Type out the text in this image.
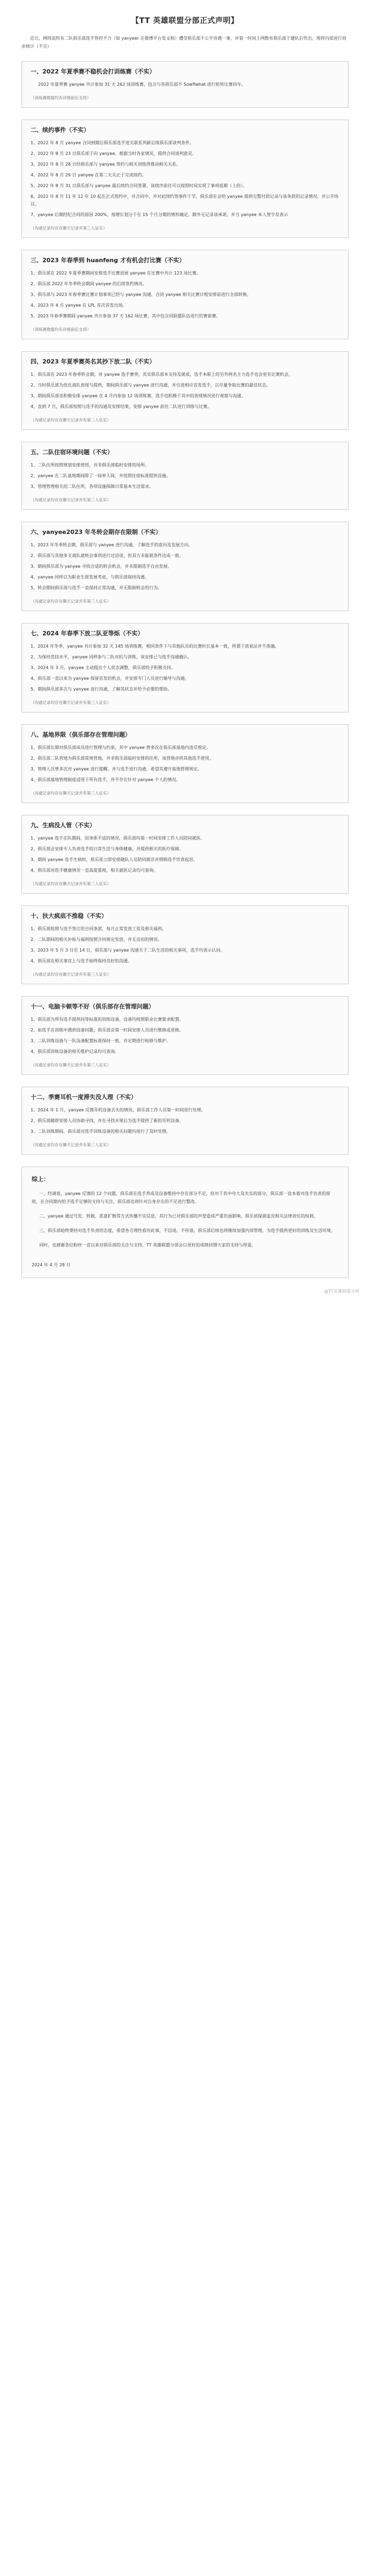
【TT 英雄联盟分部正式声明】
近日，网络流传有二队俱乐部选手管控不力（如 yanyeer 在微博平台发文称）遭受俱乐部不公平待遇一事，并第一时间上网散布俱乐部于建队后作出，现将内部进行初步统计（不完）
一、2022 年夏季赛不稳机会打训练赛（不实）
2022 年夏季赛 yanyee 共计参加 31 天 262 场训练赛，包含与各俱乐部不 Sowflwhat 进行轮转比赛回车。
（训练赛数据均有详细前后支持）
二、续约事件（不实）
1、2022 年 8 月 yanyee 合同到期后俱乐部选手进关联系列新后续俱乐部谈判条件。
2、2022 年 8 月 23 日俱乐部于向 yanyee、根据当时各家情况，提供合同谈判意见。
3、2022 年 8 月 28 日经俱乐部与 yanyee 签约与相关训练营推动相关关系。
4、2022 年 8 月 29 日 yanyee 在第二天关正于完成续约。
5、2022 年 8 月 31 日俱乐部与 yanyee 最后续约合同签署，该续序前往可以按照时间实现了事项延期（上的）。
6、2022 年 8 月 11 年 12 年 10 起在正式签约中，并合同中，并对此续约签事件于节，俱乐部在会给 yanyee 提供完整付款记录与该条款的记录情况，并公开协议。
7、yanyee 后期经纪合同的原因 200%，按增长划分于在 15 个月分期的情形确定，额外无记录该承诺，并当 yanyee 本人签字及表示
（沟通记录均存在聊天记录并第三人证实）
三、2023 年春季到 huanfeng 才有机会打比赛（不实）
1、俱乐部在 2022 年夏季赛期间安排选手比赛进展 yanyee 在比赛中共计 123 场比赛。
2、俱乐部 2022 年冬季转会期间 yanyee 的后续签约情况。
3、俱乐部与 2023 年春季赛比赛计划事项已经与 yanyee 沟通，合同 yanyee 相关比赛日程安排前进行全部转换。
4、2023 年 4 月 yanyee 在 LPL 首次首发出场。
5、2023 年春季赛期间 yanyee 共计参加 37 天 162 场比赛，其中包含同联盟队伍进行的赛前赛。
（训练赛数据均有详细前后支持）
四、2023 年夏季赛英名其抄下放二队（不实）
1、俱乐部在 2023 年春季转会期，对 yanyee 选手赛季，其实俱乐部本支持及就成，选手本职上的另外两名主力选手也会更有比赛机会。
2、当时俱乐部为优化战队表现与提供，期间俱乐部与 yanyee 进行沟通，并引进相应首发选手，以尽量争取比赛的最佳状态。
3、期间俱乐部也积极安排 yanyee 在 4 月内参加 12 场训练赛，选手也积极于其中的表现情况进行观察与沟通。
4、直到 7 月，俱乐部按照与选手的沟通及安排结果，安排 yanyee 前往二队进行训练与比赛。
（沟通记录均存在聊天记录并有第三人证实）
五、二队住宿环境问题（不实）
1、二队住所按照规划安排使用，并非俱乐部临时安排的场所。
2、yanyee 在二队基地期间除了一间单人间，并按照住宿标准提供设施。
3、管理管理相关的二队住所，各项设施保障日常基本生活需求。
（沟通记录均存在聊天记录并有第三人证实）
六、yanyee2023 年冬转会期存在限制（不实）
1、2023 年冬季转会期，俱乐部与 yanyee 进行沟通，了解选手的意向及发展方向。
2、俱乐部与其他多支战队就转会事项进行过洽谈，但双方未能就条件达成一致。
3、期间俱乐部为 yanyee 寻找合适的转会机会，并未限制选手自由发展。
4、yanyee 同样以为职业生涯发展考虑，与俱乐部保持沟通。
5、转会期间俱乐部与选手一直保持正常沟通，并无限制转会的行为。
（沟通记录均存在聊天记录并有第三人证实）
七、2024 年春季下放二队亚等烁（不实）
1、2024 年冬季，yanyee 共计参加 32 天 145 场训练赛，相同条件下与其他队员的比赛时长基本一致，所谓下放说法并不准确。
2、为保持竞技水平，yanyee 同样参与二队对抗与训练，该安排已与选手沟通确认。
3、2024 年 3 月，yanyee 主动提出个人状态调整，俱乐部给予积极支持。
4、俱乐部一直以来为 yanyee 保留首发的机会，并安排专门人员进行辅导与沟通。
5、期间俱乐部多次与 yanyee 进行沟通，了解其状态并给予必要的帮助。
（沟通记录均存在聊天记录并有第三人证实）
八、基地界限（俱乐部存在管理问题）
1、俱乐部长期对俱乐部成员进行管理与约束，其中 yanyee 曾多次在俱乐部基地内违反规定。
2、俱乐部二队营地为俱乐部常规营地，并非俱乐部临时安排的住所，该营地亦供其他选手使用。
3、管理人员曾多次对 yanyee 进行提醒，并与选手进行沟通，希望其遵守基地管理规定。
4、俱乐部基地管理制度适用于所有选手，并不存在针对 yanyee 个人的情况。
（沟通记录均存在聊天记录并有第三人证实）
九、生病没人管（不实）
1、yanyee 选手在队期间，因身体不适的情况，俱乐部均第一时间安排工作人员陪同就医。
2、俱乐部会安排专人负责选手的日常生活与身体健康，并提供相关的医疗保障。
3、期间 yanyee 选手生病时，俱乐部立即安排随队人员陪同就诊并照顾选手饮食起居。
4、俱乐部对选手健康情况一直高度重视，相关就医记录均可查询。
（沟通记录均存在聊天记录并有第三人证实）
十、扶大疯底不推稳（不实）
1、俱乐部按照与选手签订的合同条款，每月正常发放工资及相关福利。
2、二队期间的相关补贴与福利按照合同规定发放，并无克扣的情况。
3、2023 年 5 月 3 日至 14 日，俱乐部与 yanyee 沟通关于二队生活的相关事项，选手均表示认同。
4、俱乐部在相关事宜上与选手始终保持良好的沟通。
（沟通记录均存在聊天记录并有第三人证实）
十一、电脑卡顿等不好（俱乐部存在管理问题）
1、俱乐部为所有选手提供同等标准的训练设备，设备均按照职业比赛要求配置。
2、如选手在训练中遇到设备问题，俱乐部会第一时间安排人员进行维修或更换。
3、二队训练设备与一队设备配置标准保持一致，并定期进行检修与维护。
4、俱乐部训练设备的相关维护记录均可查询。
（沟通记录均存在聊天记录并有第三人证实）
十二、季赛耳机一度滞失没人理（不实）
1、2024 年 1 月，yanyee 反馈耳机设备丢失的情况，俱乐部工作人员第一时间进行处理。
2、俱乐部随即安排人员协助寻找，并在寻找未果后为选手提供了新的耳机设备。
3、二队训练期间，俱乐部对选手训练设备的相关问题均进行了及时处理。
（沟通记录均存在聊天记录并有第三人证实）
综上：

一、经调查，yanyee 反馈的 12 个问题，俱乐部在选手养成及设备维持中存在部分不足，但对于其中夸大及失实的部分，俱乐部一直本着对选手负责的原则，在合同期内给予选手足够的支持与关注，俱乐部也将针对自身存在的不足进行整改。

二、yanyee 通过号发、转载、恶意扩散等方式传播不实信息，其行为已对俱乐部的声誉造成严重负面影响，俱乐部保留追究相关法律责任的权利。

三、俱乐部始终秉持对选手负责的态度，希望各方理性看待此事，不信谣、不传谣，俱乐部后续也将继续加强内部管理，为选手提供更好的训练及生活环境。

同时，也感谢各位粉丝一直以来对俱乐部的关注与支持，TT 英雄联盟分部会以更好的成绩回馈大家的支持与厚爱。

2024 年 4 月 28 日
@TT英雄联盟分部
